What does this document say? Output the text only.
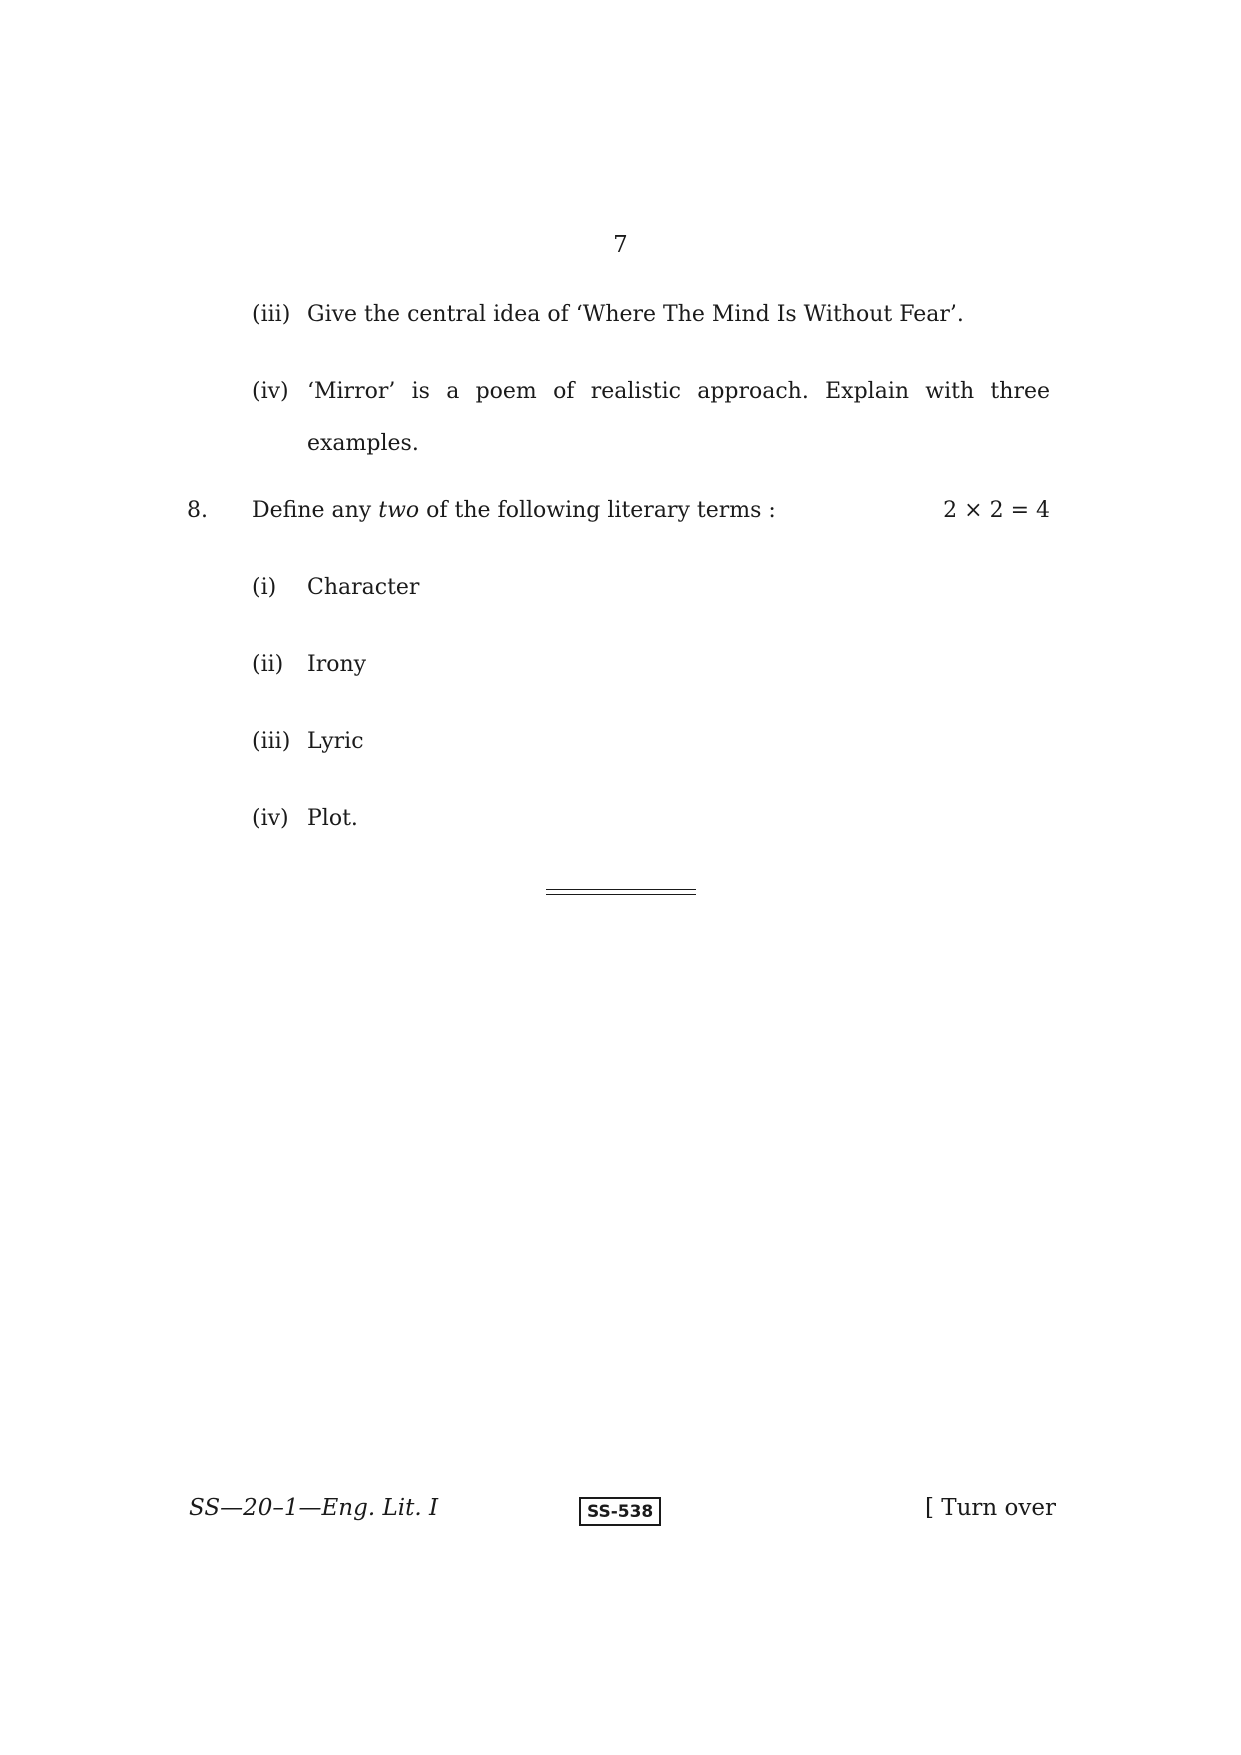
7
(iii) Give the central idea of ‘Where The Mind Is Without Fear’.
(iv) ‘Mirror’ is a poem of realistic approach. Explain with three
examples.
8. Define any two of the following literary terms :	2 × 2 = 4
(i) Character
(ii) Irony
(iii) Lyric
(iv) Plot.
SS—20–1—Eng. Lit. I	SS-538	[ Turn over
